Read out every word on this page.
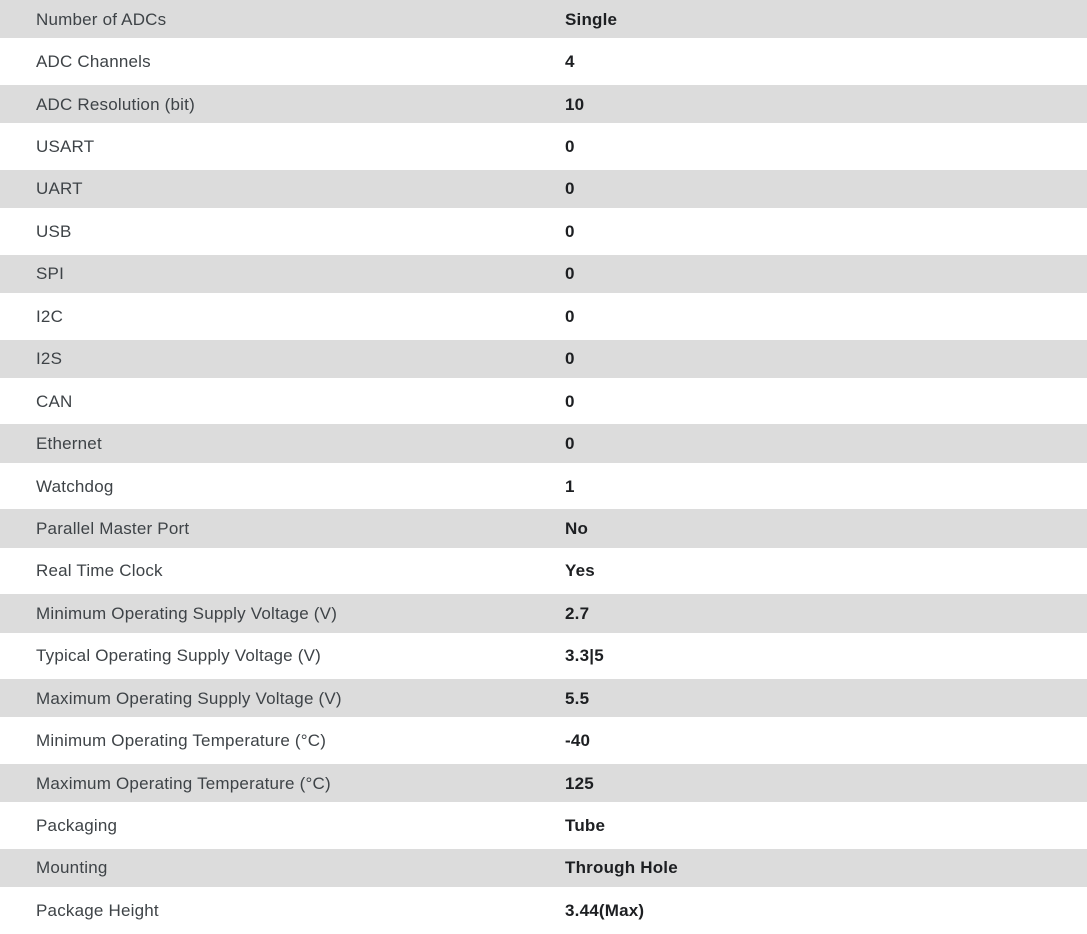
Number of ADCs	Single
ADC Channels	4
ADC Resolution (bit)	10
USART	0
UART	0
USB	0
SPI	0
I2C	0
I2S	0
CAN	0
Ethernet	0
Watchdog	1
Parallel Master Port	No
Real Time Clock	Yes
Minimum Operating Supply Voltage (V)	2.7
Typical Operating Supply Voltage (V)	3.3|5
Maximum Operating Supply Voltage (V)	5.5
Minimum Operating Temperature (°C)	-40
Maximum Operating Temperature (°C)	125
Packaging	Tube
Mounting	Through Hole
Package Height	3.44(Max)
